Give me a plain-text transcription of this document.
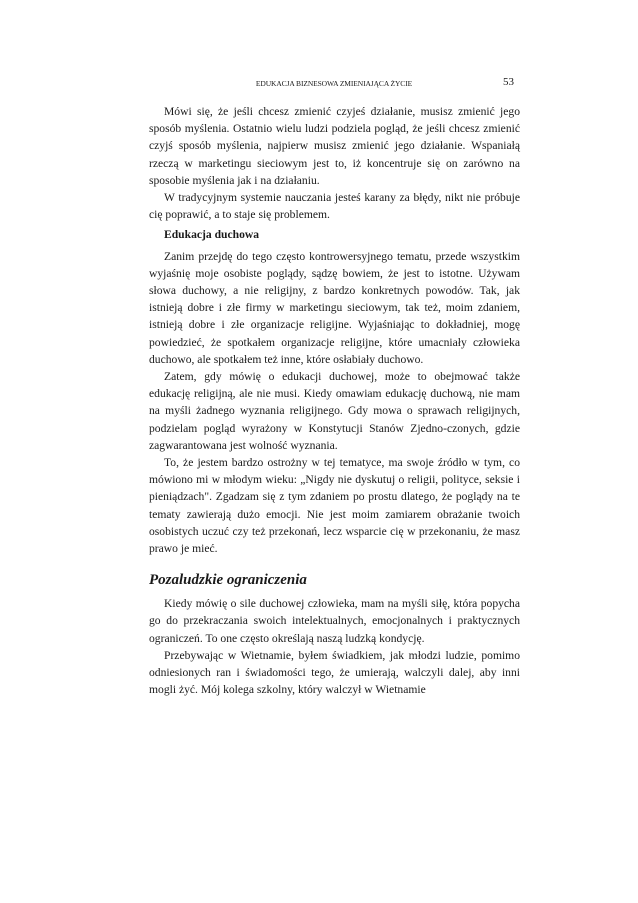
EDUKACJA BIZNESOWA ZMIENIAJĄCA ŻYCIE	53

Mówi się, że jeśli chcesz zmienić czyjeś działanie, musisz zmienić jego sposób myślenia. Ostatnio wielu ludzi podziela pogląd, że jeśli chcesz zmienić czyjś sposób myślenia, najpierw musisz zmienić jego działanie. Wspaniałą rzeczą w marketingu sieciowym jest to, iż koncentruje się on zarówno na sposobie myślenia jak i na działaniu.

W tradycyjnym systemie nauczania jesteś karany za błędy, nikt nie próbuje cię poprawić, a to staje się problemem.

Edukacja duchowa

Zanim przejdę do tego często kontrowersyjnego tematu, przede wszystkim wyjaśnię moje osobiste poglądy, sądzę bowiem, że jest to istotne. Używam słowa duchowy, a nie religijny, z bardzo konkretnych powodów. Tak, jak istnieją dobre i złe firmy w marketingu sieciowym, tak też, moim zdaniem, istnieją dobre i złe organizacje religijne. Wyjaśniając to dokładniej, mogę powiedzieć, że spotkałem organizacje religijne, które umacniały człowieka duchowo, ale spotkałem też inne, które osłabiały duchowo.

Zatem, gdy mówię o edukacji duchowej, może to obejmować także edukację religijną, ale nie musi. Kiedy omawiam edukację duchową, nie mam na myśli żadnego wyznania religijnego. Gdy mowa o sprawach religijnych, podzielam pogląd wyrażony w Konstytucji Stanów Zjedno-czonych, gdzie zagwarantowana jest wolność wyznania.

To, że jestem bardzo ostrożny w tej tematyce, ma swoje źródło w tym, co mówiono mi w młodym wieku: „Nigdy nie dyskutuj o religii, polityce, seksie i pieniądzach". Zgadzam się z tym zdaniem po prostu dlatego, że poglądy na te tematy zawierają dużo emocji. Nie jest moim zamiarem obrażanie twoich osobistych uczuć czy też przekonań, lecz wsparcie cię w przekonaniu, że masz prawo je mieć.

Pozaludzkie ograniczenia

Kiedy mówię o sile duchowej człowieka, mam na myśli siłę, która popycha go do przekraczania swoich intelektualnych, emocjonalnych i praktycznych ograniczeń. To one często określają naszą ludzką kondycję.

Przebywając w Wietnamie, byłem świadkiem, jak młodzi ludzie, pomimo odniesionych ran i świadomości tego, że umierają, walczyli dalej, aby inni mogli żyć. Mój kolega szkolny, który walczył w Wietnamie
